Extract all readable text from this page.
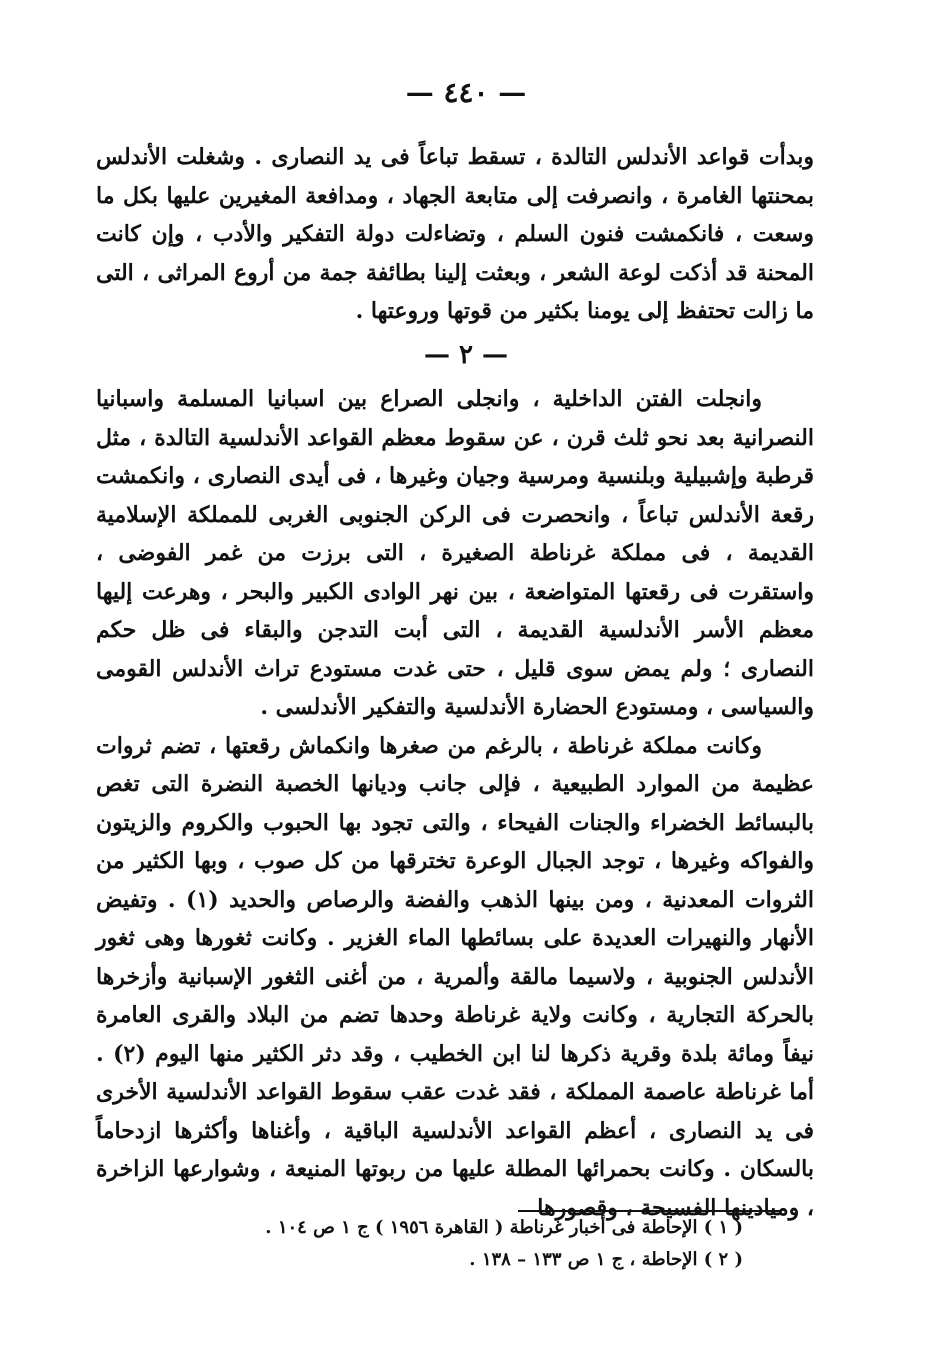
— ٤٤٠ —

وبدأت قواعد الأندلس التالدة ، تسقط تباعاً فى يد النصارى . وشغلت الأندلس بمحنتها الغامرة ، وانصرفت إلى متابعة الجهاد ، ومدافعة المغيرين عليها بكل ما وسعت ، فانكمشت فنون السلم ، وتضاءلت دولة التفكير والأدب ، وإن كانت المحنة قد أذكت لوعة الشعر ، وبعثت إلينا بطائفة جمة من أروع المراثى ، التى ما زالت تحتفظ إلى يومنا بكثير من قوتها وروعتها .

— ٢ —

وانجلت الفتن الداخلية ، وانجلى الصراع بين اسبانيا المسلمة واسبانيا النصرانية بعد نحو ثلث قرن ، عن سقوط معظم القواعد الأندلسية التالدة ، مثل قرطبة وإشبيلية وبلنسية ومرسية وجيان وغيرها ، فى أيدى النصارى ، وانكمشت رقعة الأندلس تباعاً ، وانحصرت فى الركن الجنوبى الغربى للمملكة الإسلامية القديمة ، فى مملكة غرناطة الصغيرة ، التى برزت من غمر الفوضى ، واستقرت فى رقعتها المتواضعة ، بين نهر الوادى الكبير والبحر ، وهرعت إليها معظم الأسر الأندلسية القديمة ، التى أبت التدجن والبقاء فى ظل حكم النصارى ؛ ولم يمض سوى قليل ، حتى غدت مستودع تراث الأندلس القومى والسياسى ، ومستودع الحضارة الأندلسية والتفكير الأندلسى .

وكانت مملكة غرناطة ، بالرغم من صغرها وانكماش رقعتها ، تضم ثروات عظيمة من الموارد الطبيعية ، فإلى جانب وديانها الخصبة النضرة التى تغص بالبسائط الخضراء والجنات الفيحاء ، والتى تجود بها الحبوب والكروم والزيتون والفواكه وغيرها ، توجد الجبال الوعرة تخترقها من كل صوب ، وبها الكثير من الثروات المعدنية ، ومن بينها الذهب والفضة والرصاص والحديد (١) . وتفيض الأنهار والنهيرات العديدة على بسائطها الماء الغزير . وكانت ثغورها وهى ثغور الأندلس الجنوبية ، ولاسيما مالقة وألمرية ، من أغنى الثغور الإسبانية وأزخرها بالحركة التجارية ، وكانت ولاية غرناطة وحدها تضم من البلاد والقرى العامرة نيفاً ومائة بلدة وقرية ذكرها لنا ابن الخطيب ، وقد دثر الكثير منها اليوم (٢) . أما غرناطة عاصمة المملكة ، فقد غدت عقب سقوط القواعد الأندلسية الأخرى فى يد النصارى ، أعظم القواعد الأندلسية الباقية ، وأغناها وأكثرها ازدحاماً بالسكان . وكانت بحمرائها المطلة عليها من ربوتها المنيعة ، وشوارعها الزاخرة ، وميادينها الفسيحة ، وقصورها

( ١ ) الإحاطة فى أخبار غرناطة ( القاهرة ١٩٥٦ ) ج ١ ص ١٠٤ .
( ٢ ) الإحاطة ، ج ١ ص ١٣٣ – ١٣٨ .
